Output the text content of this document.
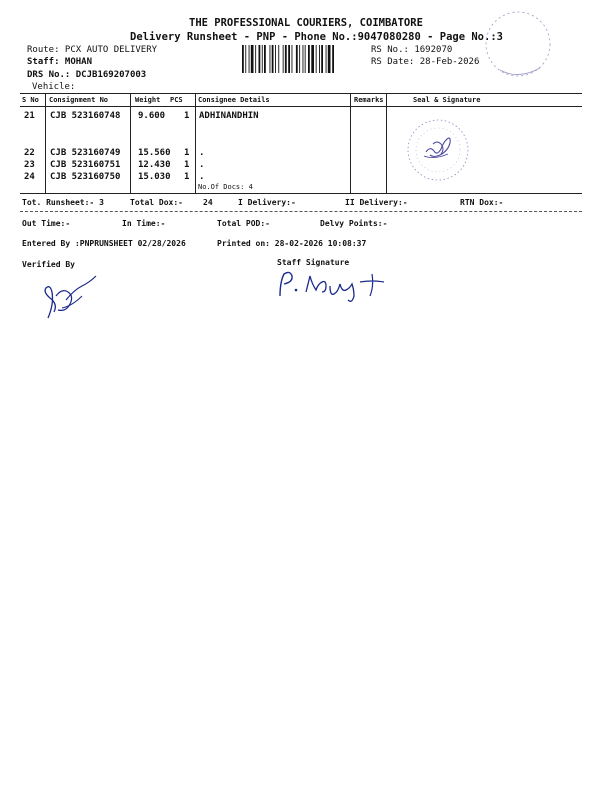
THE PROFESSIONAL COURIERS, COIMBATORE
Delivery Runsheet - PNP - Phone No.:9047080280 - Page No.:3
Route: PCX AUTO DELIVERY
Staff: MOHAN
DRS No.: DCJB169207003
Vehicle:
RS No.: 1692070
RS Date: 28-Feb-2026
S No Consignment No	Weight PCS Consignee Details	Remarks	Seal & Signature
21 CJB 523160748 9.600 1 ADHINANDHIN
22 CJB 523160749 15.560 1 .
23 CJB 523160751 12.430 1 .
24 CJB 523160750 15.030 1 .
No.Of Docs: 4
Tot. Runsheet:- 3	Total Dox:-	24	I Delivery:-	II Delivery:-	RTN Dox:-
Out Time:-	In Time:-	Total POD:-	Delvy Points:-
Entered By :PNPRUNSHEET 02/28/2026	Printed on: 28-02-2026 10:08:37
Verified By	Staff Signature
